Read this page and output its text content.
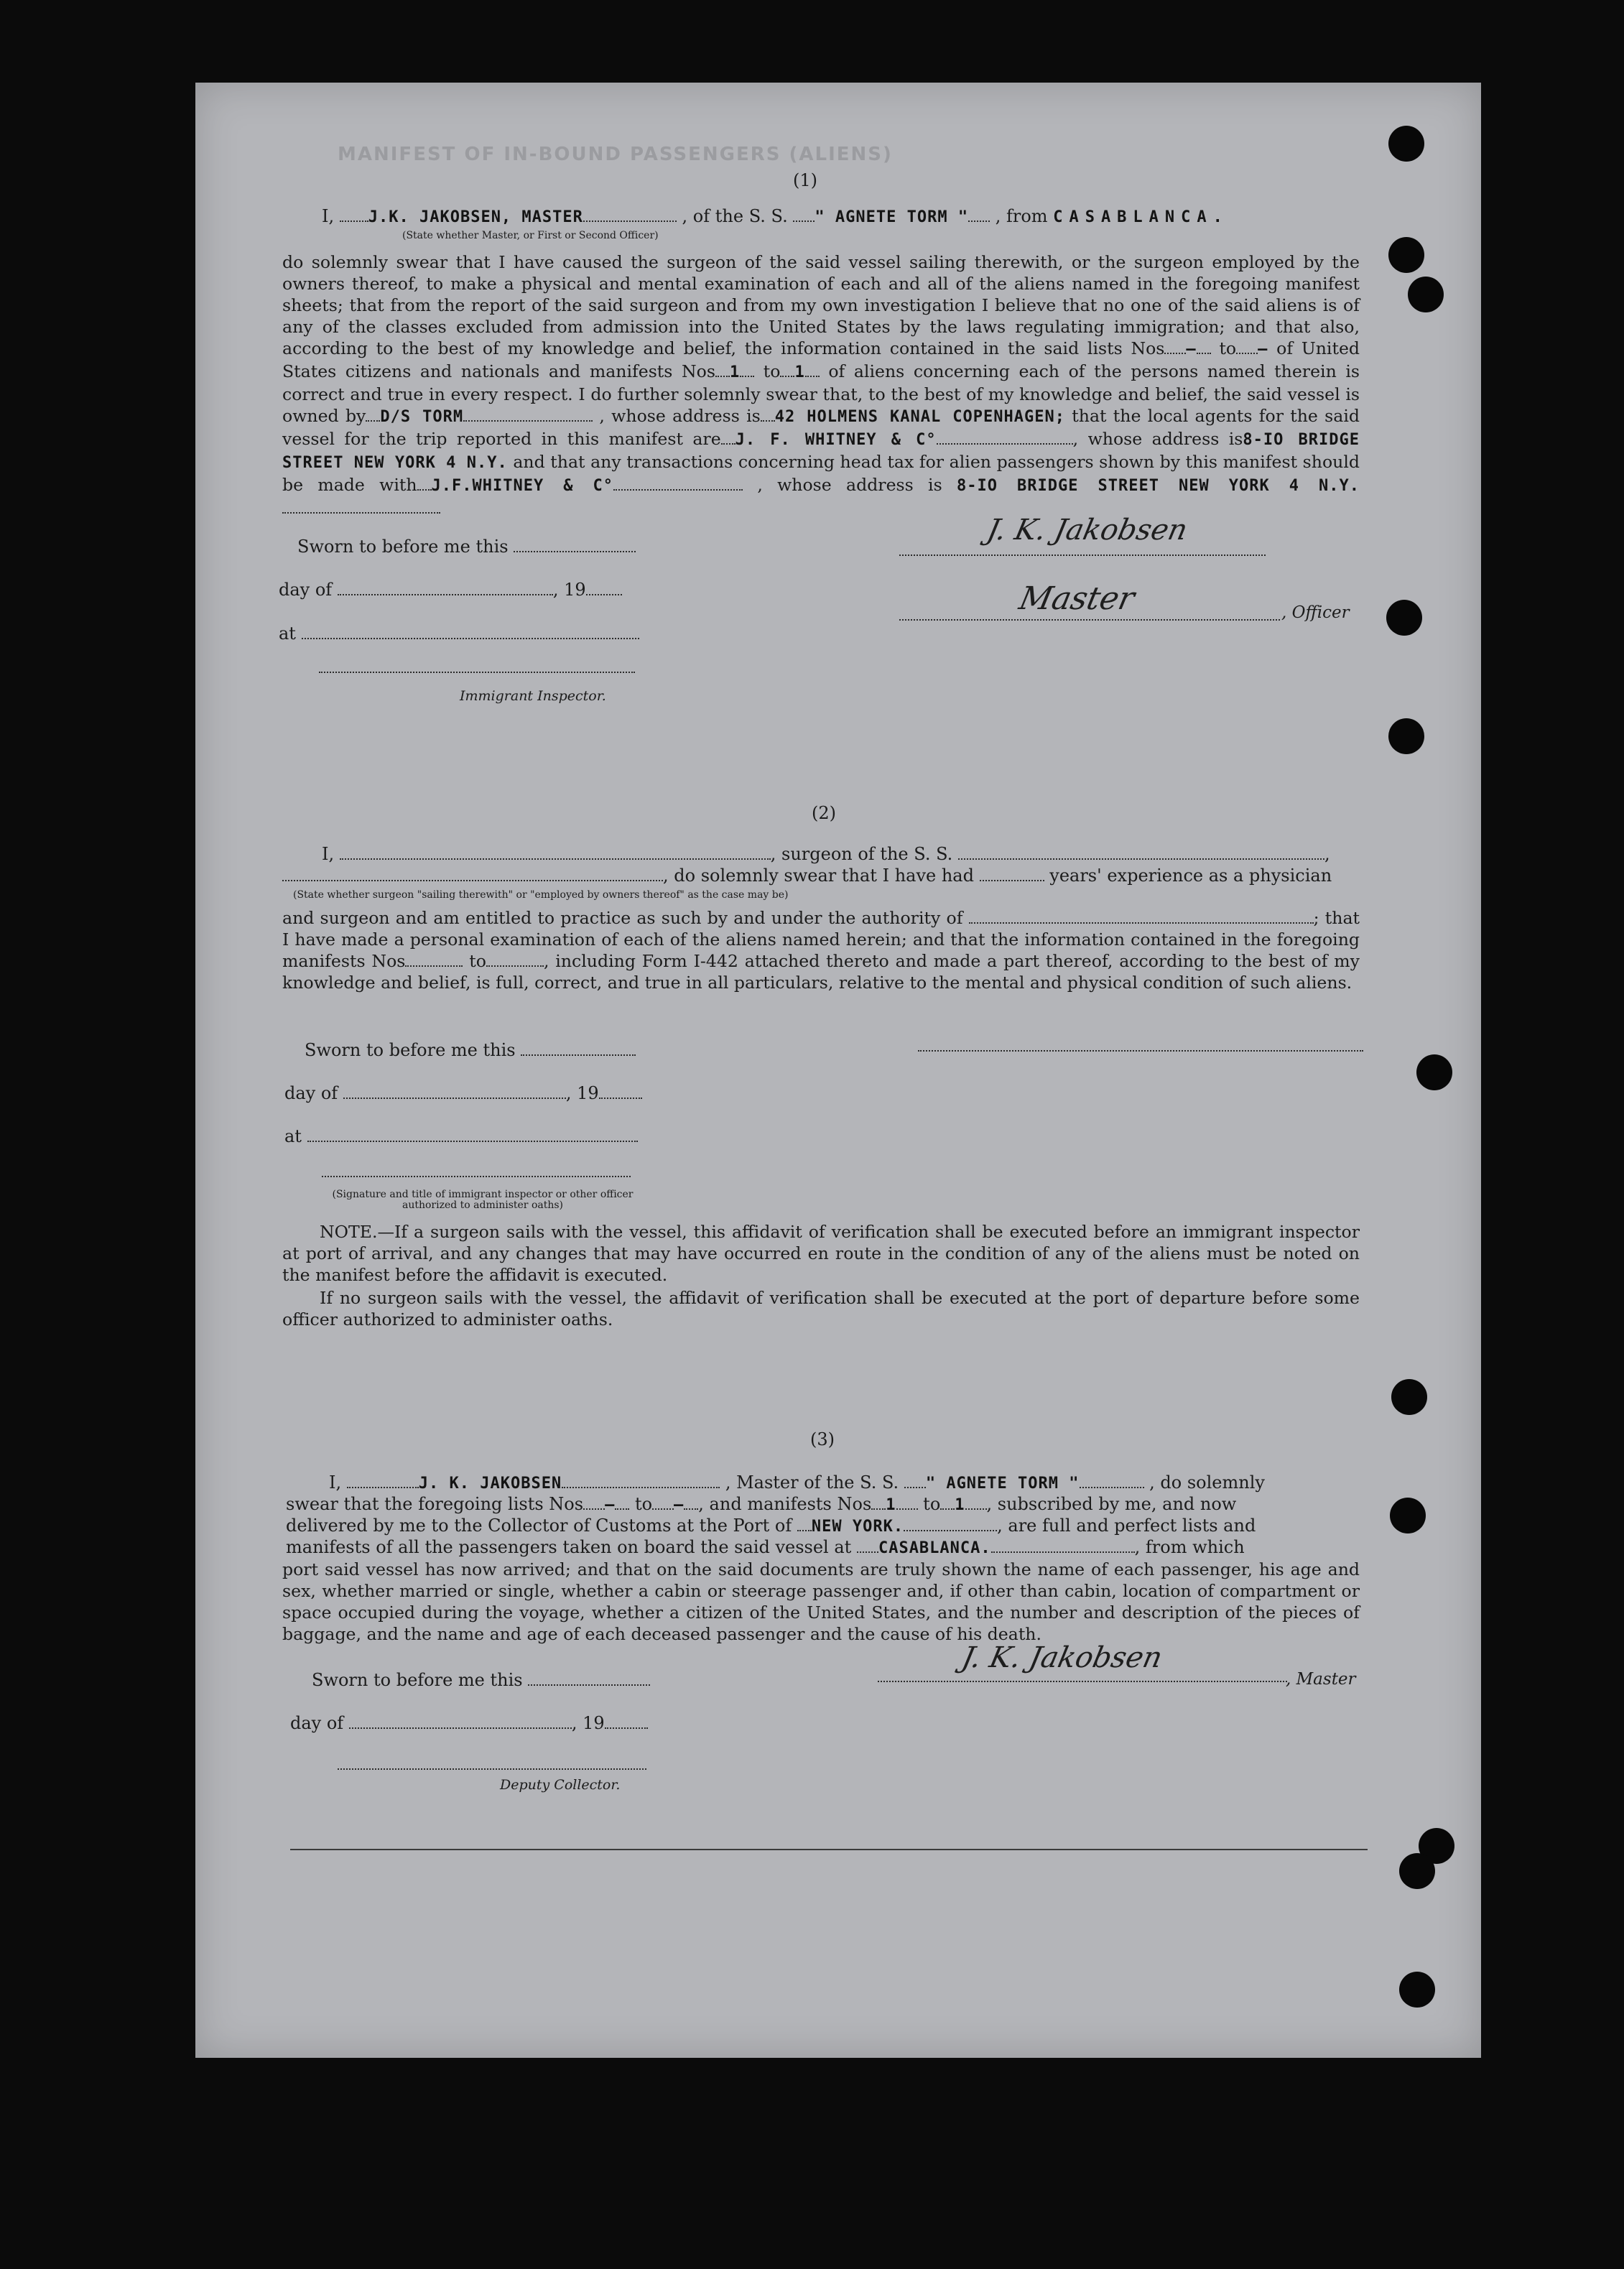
MANIFEST OF IN-BOUND PASSENGERS (ALIENS)
(1)
I, J.K. JAKOBSEN, MASTER	, of the S. S. " AGNETE TORM " , from CASABLANCA.
(State whether Master, or First or Second Officer)
do solemnly swear that I have caused the surgeon of the said vessel sailing therewith, or the surgeon employed by the owners thereof, to make a physical and mental examination of each and all of the aliens named in the foregoing manifest sheets; that from the report of the said surgeon and from my own investigation I believe that no one of the said aliens is of any of the classes excluded from admission into the United States by the laws regulating immigration; and that also, according to the best of my knowledge and belief, the information contained in the said lists Nos — to — of United States citizens and nationals and manifests Nos 1 to 1 of aliens concerning each of the persons named therein is correct and true in every respect. I do further solemnly swear that, to the best of my knowledge and belief, the said vessel is owned by D/S TORM	, whose address is 42 HOLMENS KANAL COPENHAGEN; that the local agents for the said vessel for the trip reported in this manifest are J. F. WHITNEY & C°	, whose address is8-IO BRIDGE STREET NEW YORK 4 N.Y. and that any transactions concerning head tax for alien passengers shown by this manifest should be made with J.F.WHITNEY & C°	, whose address is 8-IO BRIDGE STREET NEW YORK 4 N.Y.
Sworn to before me this
day of	, 19
at
Immigrant Inspector.
J. K. Jakobsen
Master	, Officer
(2)
I,	, surgeon of the S. S.	,
, do solemnly swear that I have had	years' experience as a physician
(State whether surgeon "sailing therewith" or "employed by owners thereof" as the case may be)
and surgeon and am entitled to practice as such by and under the authority of	; that I have made a personal examination of each of the aliens named herein; and that the information contained in the foregoing manifests Nos	to	, including Form I-442 attached thereto and made a part thereof, according to the best of my knowledge and belief, is full, correct, and true in all particulars, relative to the mental and physical condition of such aliens.
Sworn to before me this
day of	, 19
at
(Signature and title of immigrant inspector or other officer authorized to administer oaths)
NOTE.—If a surgeon sails with the vessel, this affidavit of verification shall be executed before an immigrant inspector at port of arrival, and any changes that may have occurred en route in the condition of any of the aliens must be noted on the manifest before the affidavit is executed.
If no surgeon sails with the vessel, the affidavit of verification shall be executed at the port of departure before some officer authorized to administer oaths.
(3)
I,	J. K. JAKOBSEN	, Master of the S. S. " AGNETE TORM "	, do solemnly
swear that the foregoing lists Nos — to — , and manifests Nos 1 to 1 , subscribed by me, and now
delivered by me to the Collector of Customs at the Port of NEW YORK.	, are full and perfect lists and
manifests of all the passengers taken on board the said vessel at CASABLANCA.	, from which
port said vessel has now arrived; and that on the said documents are truly shown the name of each passenger, his age and sex, whether married or single, whether a cabin or steerage passenger and, if other than cabin, location of compartment or space occupied during the voyage, whether a citizen of the United States, and the number and description of the pieces of baggage, and the name and age of each deceased passenger and the cause of his death.
Sworn to before me this
J. K. Jakobsen
, Master
day of	, 19
Deputy Collector.
